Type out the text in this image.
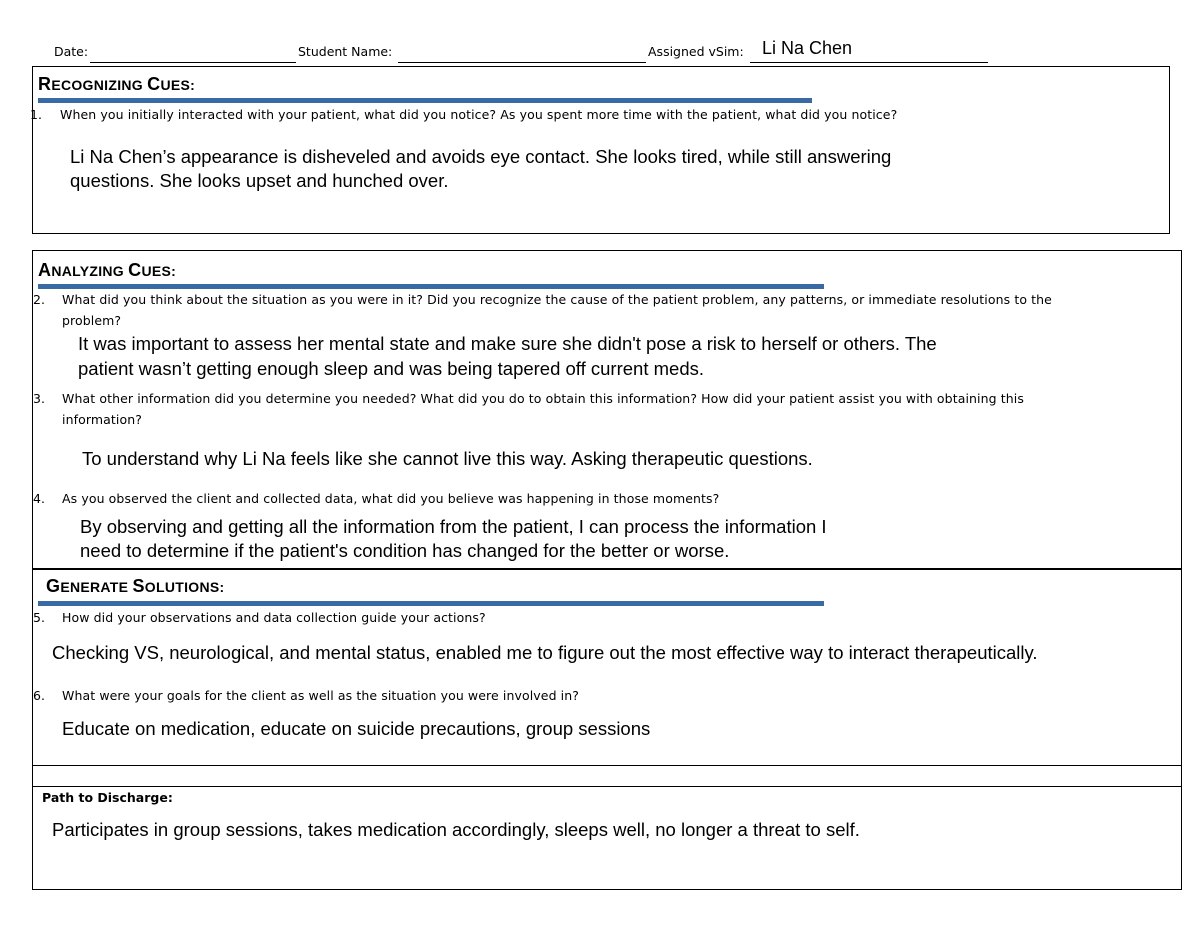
Date:	Student Name:	Assigned vSim: Li Na Chen
RECOGNIZING CUES:
1. When you initially interacted with your patient, what did you notice? As you spent more time with the patient, what did you notice?
Li Na Chen’s appearance is disheveled and avoids eye contact. She looks tired, while still answering
questions. She looks upset and hunched over.
ANALYZING CUES:
2. What did you think about the situation as you were in it? Did you recognize the cause of the patient problem, any patterns, or immediate resolutions to the
problem?
It was important to assess her mental state and make sure she didn't pose a risk to herself or others. The
patient wasn’t getting enough sleep and was being tapered off current meds.
3. What other information did you determine you needed? What did you do to obtain this information? How did your patient assist you with obtaining this
information?
To understand why Li Na feels like she cannot live this way. Asking therapeutic questions.
4. As you observed the client and collected data, what did you believe was happening in those moments?
By observing and getting all the information from the patient, I can process the information I
need to determine if the patient's condition has changed for the better or worse.
GENERATE SOLUTIONS:
5. How did your observations and data collection guide your actions?
Checking VS, neurological, and mental status, enabled me to figure out the most effective way to interact therapeutically.
6. What were your goals for the client as well as the situation you were involved in?
Educate on medication, educate on suicide precautions, group sessions
Path to Discharge:
Participates in group sessions, takes medication accordingly, sleeps well, no longer a threat to self.
